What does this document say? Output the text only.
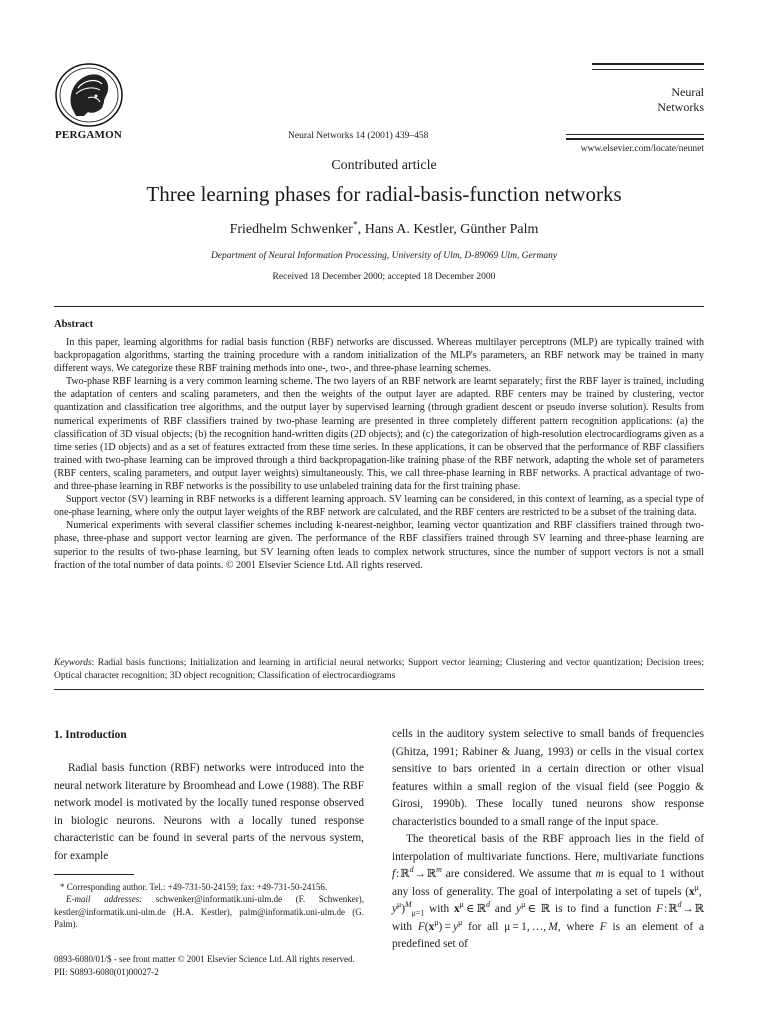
PERGAMON	Neural Networks 14 (2001) 439–458
Neural
Networks
www.elsevier.com/locate/neunet
Contributed article
Three learning phases for radial-basis-function networks
Friedhelm Schwenker*, Hans A. Kestler, Günther Palm
Department of Neural Information Processing, University of Ulm, D-89069 Ulm, Germany
Received 18 December 2000; accepted 18 December 2000
Abstract

In this paper, learning algorithms for radial basis function (RBF) networks are discussed. Whereas multilayer perceptrons (MLP) are typically trained with backpropagation algorithms, starting the training procedure with a random initialization of the MLP's parameters, an RBF network may be trained in many different ways. We categorize these RBF training methods into one-, two-, and three-phase learning schemes.

Two-phase RBF learning is a very common learning scheme. The two layers of an RBF network are learnt separately; first the RBF layer is trained, including the adaptation of centers and scaling parameters, and then the weights of the output layer are adapted. RBF centers may be trained by clustering, vector quantization and classification tree algorithms, and the output layer by supervised learning (through gradient descent or pseudo inverse solution). Results from numerical experiments of RBF classifiers trained by two-phase learning are presented in three completely different pattern recognition applications: (a) the classification of 3D visual objects; (b) the recognition hand-written digits (2D objects); and (c) the categorization of high-resolution electrocardiograms given as a time series (1D objects) and as a set of features extracted from these time series. In these applications, it can be observed that the performance of RBF classifiers trained with two-phase learning can be improved through a third backpropagation-like training phase of the RBF network, adapting the whole set of parameters (RBF centers, scaling parameters, and output layer weights) simultaneously. This, we call three-phase learning in RBF networks. A practical advantage of two- and three-phase learning in RBF networks is the possibility to use unlabeled training data for the first training phase.

Support vector (SV) learning in RBF networks is a different learning approach. SV learning can be considered, in this context of learning, as a special type of one-phase learning, where only the output layer weights of the RBF network are calculated, and the RBF centers are restricted to be a subset of the training data.

Numerical experiments with several classifier schemes including k-nearest-neighbor, learning vector quantization and RBF classifiers trained through two-phase, three-phase and support vector learning are given. The performance of the RBF classifiers trained through SV learning and three-phase learning are superior to the results of two-phase learning, but SV learning often leads to complex network structures, since the number of support vectors is not a small fraction of the total number of data points. © 2001 Elsevier Science Ltd. All rights reserved.

Keywords: Radial basis functions; Initialization and learning in artificial neural networks; Support vector learning; Clustering and vector quantization; Decision trees; Optical character recognition; 3D object recognition; Classification of electrocardiograms
1. Introduction

Radial basis function (RBF) networks were introduced into the neural network literature by Broomhead and Lowe (1988). The RBF network model is motivated by the locally tuned response observed in biologic neurons. Neurons with a locally tuned response characteristic can be found in several parts of the nervous system, for example

* Corresponding author. Tel.: +49-731-50-24159; fax: +49-731-50-24156.

E-mail addresses: schwenker@informatik.uni-ulm.de (F. Schwenker), kestler@informatik.uni-ulm.de (H.A. Kestler), palm@informatik.uni-ulm.de (G. Palm).

cells in the auditory system selective to small bands of frequencies (Ghitza, 1991; Rabiner & Juang, 1993) or cells in the visual cortex sensitive to bars oriented in a certain direction or other visual features within a small region of the visual field (see Poggio & Girosi, 1990b). These locally tuned neurons show response characteristics bounded to a small range of the input space.

The theoretical basis of the RBF approach lies in the field of interpolation of multivariate functions. Here, multivariate functions f : ℝ$^d$ → ℝ$^m$ are considered. We assume that m is equal to 1 without any loss of generality. The goal of interpolating a set of tupels ($x^\mu$, $y^\mu)^M_{\mu=1}$ with $x^\mu$ ∈ ℝ$^d$ and $y^\mu$ ∈ ℝ is to find a function F : ℝ$^d$ → ℝ with $F(x^\mu) = y^\mu$ for all μ = 1, …, M, where F is an element of a predefined set of

0893-6080/01/$ - see front matter © 2001 Elsevier Science Ltd. All rights reserved.

PII: S0893-6080(01)00027-2
